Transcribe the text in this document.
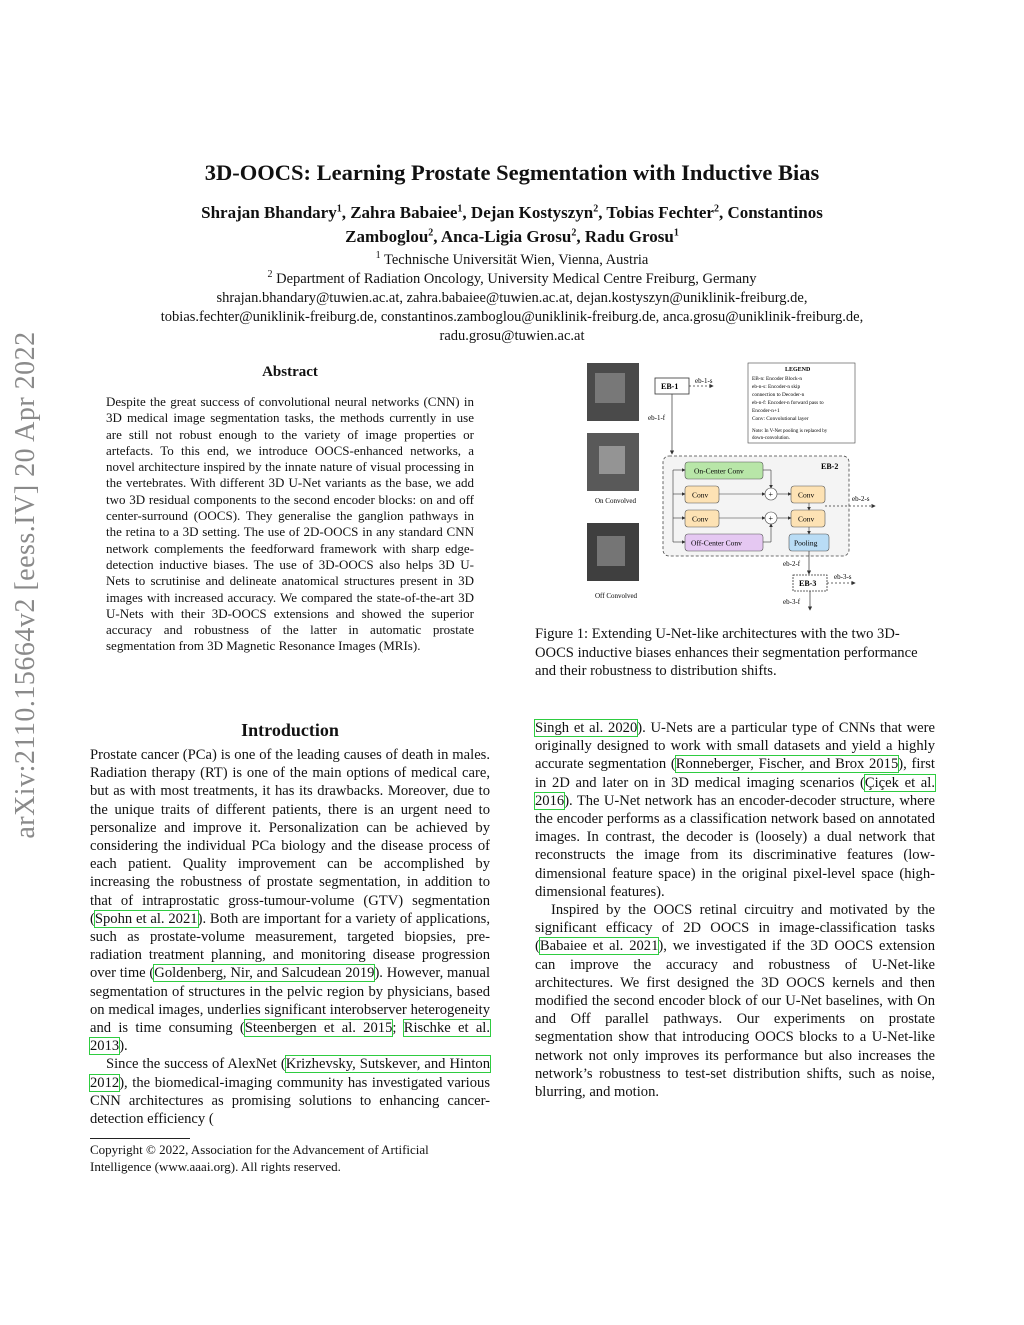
arXiv:2110.15664v2 [eess.IV] 20 Apr 2022
3D-OOCS: Learning Prostate Segmentation with Inductive Bias
Shrajan Bhandary$^1$, Zahra Babaiee$^1$, Dejan Kostyszyn$^2$, Tobias Fechter$^2$, Constantinos
Zamboglou$^2$, Anca-Ligia Grosu$^2$, Radu Grosu$^1$
$^1$ Technische Universität Wien, Vienna, Austria
$^2$ Department of Radiation Oncology, University Medical Centre Freiburg, Germany
shrajan.bhandary@tuwien.ac.at, zahra.babaiee@tuwien.ac.at, dejan.kostyszyn@uniklinik-freiburg.de,
tobias.fechter@uniklinik-freiburg.de, constantinos.zamboglou@uniklinik-freiburg.de, anca.grosu@uniklinik-freiburg.de,
radu.grosu@tuwien.ac.at
Abstract
Despite the great success of convolutional neural networks (CNN) in 3D medical image segmentation tasks, the methods currently in use are still not robust enough to the variety of image properties or artefacts. To this end, we introduce OOCS-enhanced networks, a novel architecture inspired by the innate nature of visual processing in the vertebrates. With different 3D U-Net variants as the base, we add two 3D residual components to the second encoder blocks: on and off center-surround (OOCS). They generalise the ganglion pathways in the retina to a 3D setting. The use of 2D-OOCS in any standard CNN network complements the feedforward framework with sharp edge-detection inductive biases. The use of 3D-OOCS also helps 3D U-Nets to scrutinise and delineate anatomical structures present in 3D images with increased accuracy. We compared the state-of-the-art 3D U-Nets with their 3D-OOCS extensions and showed the superior accuracy and robustness of the latter in automatic prostate segmentation from 3D Magnetic Resonance Images (MRIs).
On Convolved
Off Convolved
EB-1
eb-1-s
eb-1-f
LEGEND
EB-n: Encoder Block-n
eb-n-s: Encoder-n skip
connection to Decoder-n
eb-n-f: Encoder-n forward pass to
Encoder-n+1
Conv: Convolutional layer
Note: In V-Net pooling is replaced by
down-convolution.
EB-2
On-Center Conv
Conv
Conv
Off-Center Conv
+
+
Conv
Conv
Pooling
eb-2-s
eb-2-f
EB-3
eb-3-s
eb-3-f
Figure 1: Extending U-Net-like architectures with the two 3D-OOCS inductive biases enhances their segmentation performance and their robustness to distribution shifts.
Introduction

Prostate cancer (PCa) is one of the leading causes of death in males. Radiation therapy (RT) is one of the main options of medical care, but as with most treatments, it has its drawbacks. Moreover, due to the unique traits of different patients, there is an urgent need to personalize and improve it. Personalization can be achieved by considering the individual PCa biology and the disease process of each patient. Quality improvement can be accomplished by increasing the robustness of prostate segmentation, in addition to that of intraprostatic gross-tumour-volume (GTV) segmentation (Spohn et al. 2021). Both are important for a variety of applications, such as prostate-volume measurement, targeted biopsies, pre-radiation treatment planning, and monitoring disease progression over time (Goldenberg, Nir, and Salcudean 2019). However, manual segmentation of structures in the pelvic region by physicians, based on medical images, underlies significant interobserver heterogeneity and is time consuming (Steenbergen et al. 2015; Rischke et al. 2013).

Since the success of AlexNet (Krizhevsky, Sutskever, and Hinton 2012), the biomedical-imaging community has investigated various CNN architectures as promising solutions to enhancing cancer-detection efficiency (

Copyright © 2022, Association for the Advancement of Artificial Intelligence (www.aaai.org). All rights reserved.

Singh et al. 2020). U-Nets are a particular type of CNNs that were originally designed to work with small datasets and yield a highly accurate segmentation (Ronneberger, Fischer, and Brox 2015), first in 2D and later on in 3D medical imaging scenarios (Çiçek et al. 2016). The U-Net network has an encoder-decoder structure, where the encoder performs as a classification network based on annotated images. In contrast, the decoder is (loosely) a dual network that reconstructs the image from its discriminative features (low-dimensional feature space) in the original pixel-level space (high-dimensional features).

Inspired by the OOCS retinal circuitry and motivated by the significant efficacy of 2D OOCS in image-classification tasks (Babaiee et al. 2021), we investigated if the 3D OOCS extension can improve the accuracy and robustness of U-Net-like architectures. We first designed the 3D OOCS kernels and then modified the second encoder block of our U-Net baselines, with On and Off parallel pathways. Our experiments on prostate segmentation show that introducing OOCS blocks to a U-Net-like network not only improves its performance but also increases the network’s robustness to test-set distribution shifts, such as noise, blurring, and motion.
